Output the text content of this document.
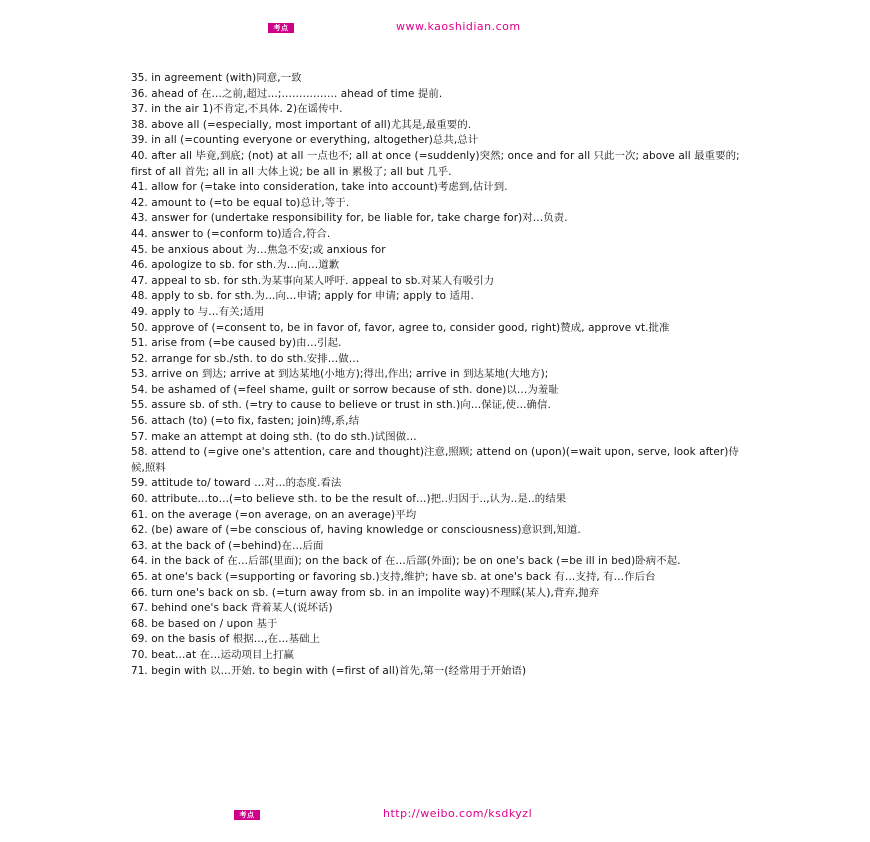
考点	www.kaoshidian.com
35. in agreement (with)同意,一致
36. ahead of 在…之前,超过…;……………. ahead of time 提前.
37. in the air 1)不肯定,不具体. 2)在谣传中.
38. above all (=especially, most important of all)尤其是,最重要的.
39. in all (=counting everyone or everything, altogether)总共,总计
40. after all 毕竟,到底; (not) at all 一点也不; all at once (=suddenly)突然; once and for all 只此一次; above all 最重要的; first of all 首先; all in all 大体上说; be all in 累极了; all but 几乎.
41. allow for (=take into consideration, take into account)考虑到,估计到.
42. amount to (=to be equal to)总计,等于.
43. answer for (undertake responsibility for, be liable for, take charge for)对…负责.
44. answer to (=conform to)适合,符合.
45. be anxious about 为…焦急不安;或 anxious for
46. apologize to sb. for sth.为…向…道歉
47. appeal to sb. for sth.为某事向某人呼吁. appeal to sb.对某人有吸引力
48. apply to sb. for sth.为…向…申请; apply for 申请; apply to 适用.
49. apply to 与…有关;适用
50. approve of (=consent to, be in favor of, favor, agree to, consider good, right)赞成, approve vt.批准
51. arise from (=be caused by)由…引起.
52. arrange for sb./sth. to do sth.安排…做…
53. arrive on 到达; arrive at 到达某地(小地方);得出,作出; arrive in 到达某地(大地方);
54. be ashamed of (=feel shame, guilt or sorrow because of sth. done)以…为羞耻
55. assure sb. of sth. (=try to cause to believe or trust in sth.)向…保证,使…确信.
56. attach (to) (=to fix, fasten; join)缚,系,结
57. make an attempt at doing sth. (to do sth.)试图做…
58. attend to (=give one's attention, care and thought)注意,照顾; attend on (upon)(=wait upon, serve, look after)侍候,照料
59. attitude to/ toward …对…的态度.看法
60. attribute…to…(=to believe sth. to be the result of…)把..归因于..,认为..是..的结果
61. on the average (=on average, on an average)平均
62. (be) aware of (=be conscious of, having knowledge or consciousness)意识到,知道.
63. at the back of (=behind)在…后面
64. in the back of 在…后部(里面); on the back of 在…后部(外面); be on one's back (=be ill in bed)卧病不起.
65. at one's back (=supporting or favoring sb.)支持,维护; have sb. at one's back 有…支持, 有…作后台
66. turn one's back on sb. (=turn away from sb. in an impolite way)不理睬(某人),背弃,抛弃
67. behind one's back 背着某人(说坏话)
68. be based on / upon 基于
69. on the basis of 根据…,在…基础上
70. beat…at 在…运动项目上打赢
71. begin with 以…开始. to begin with (=first of all)首先,第一(经常用于开始语)
考点	http://weibo.com/ksdkyzl
